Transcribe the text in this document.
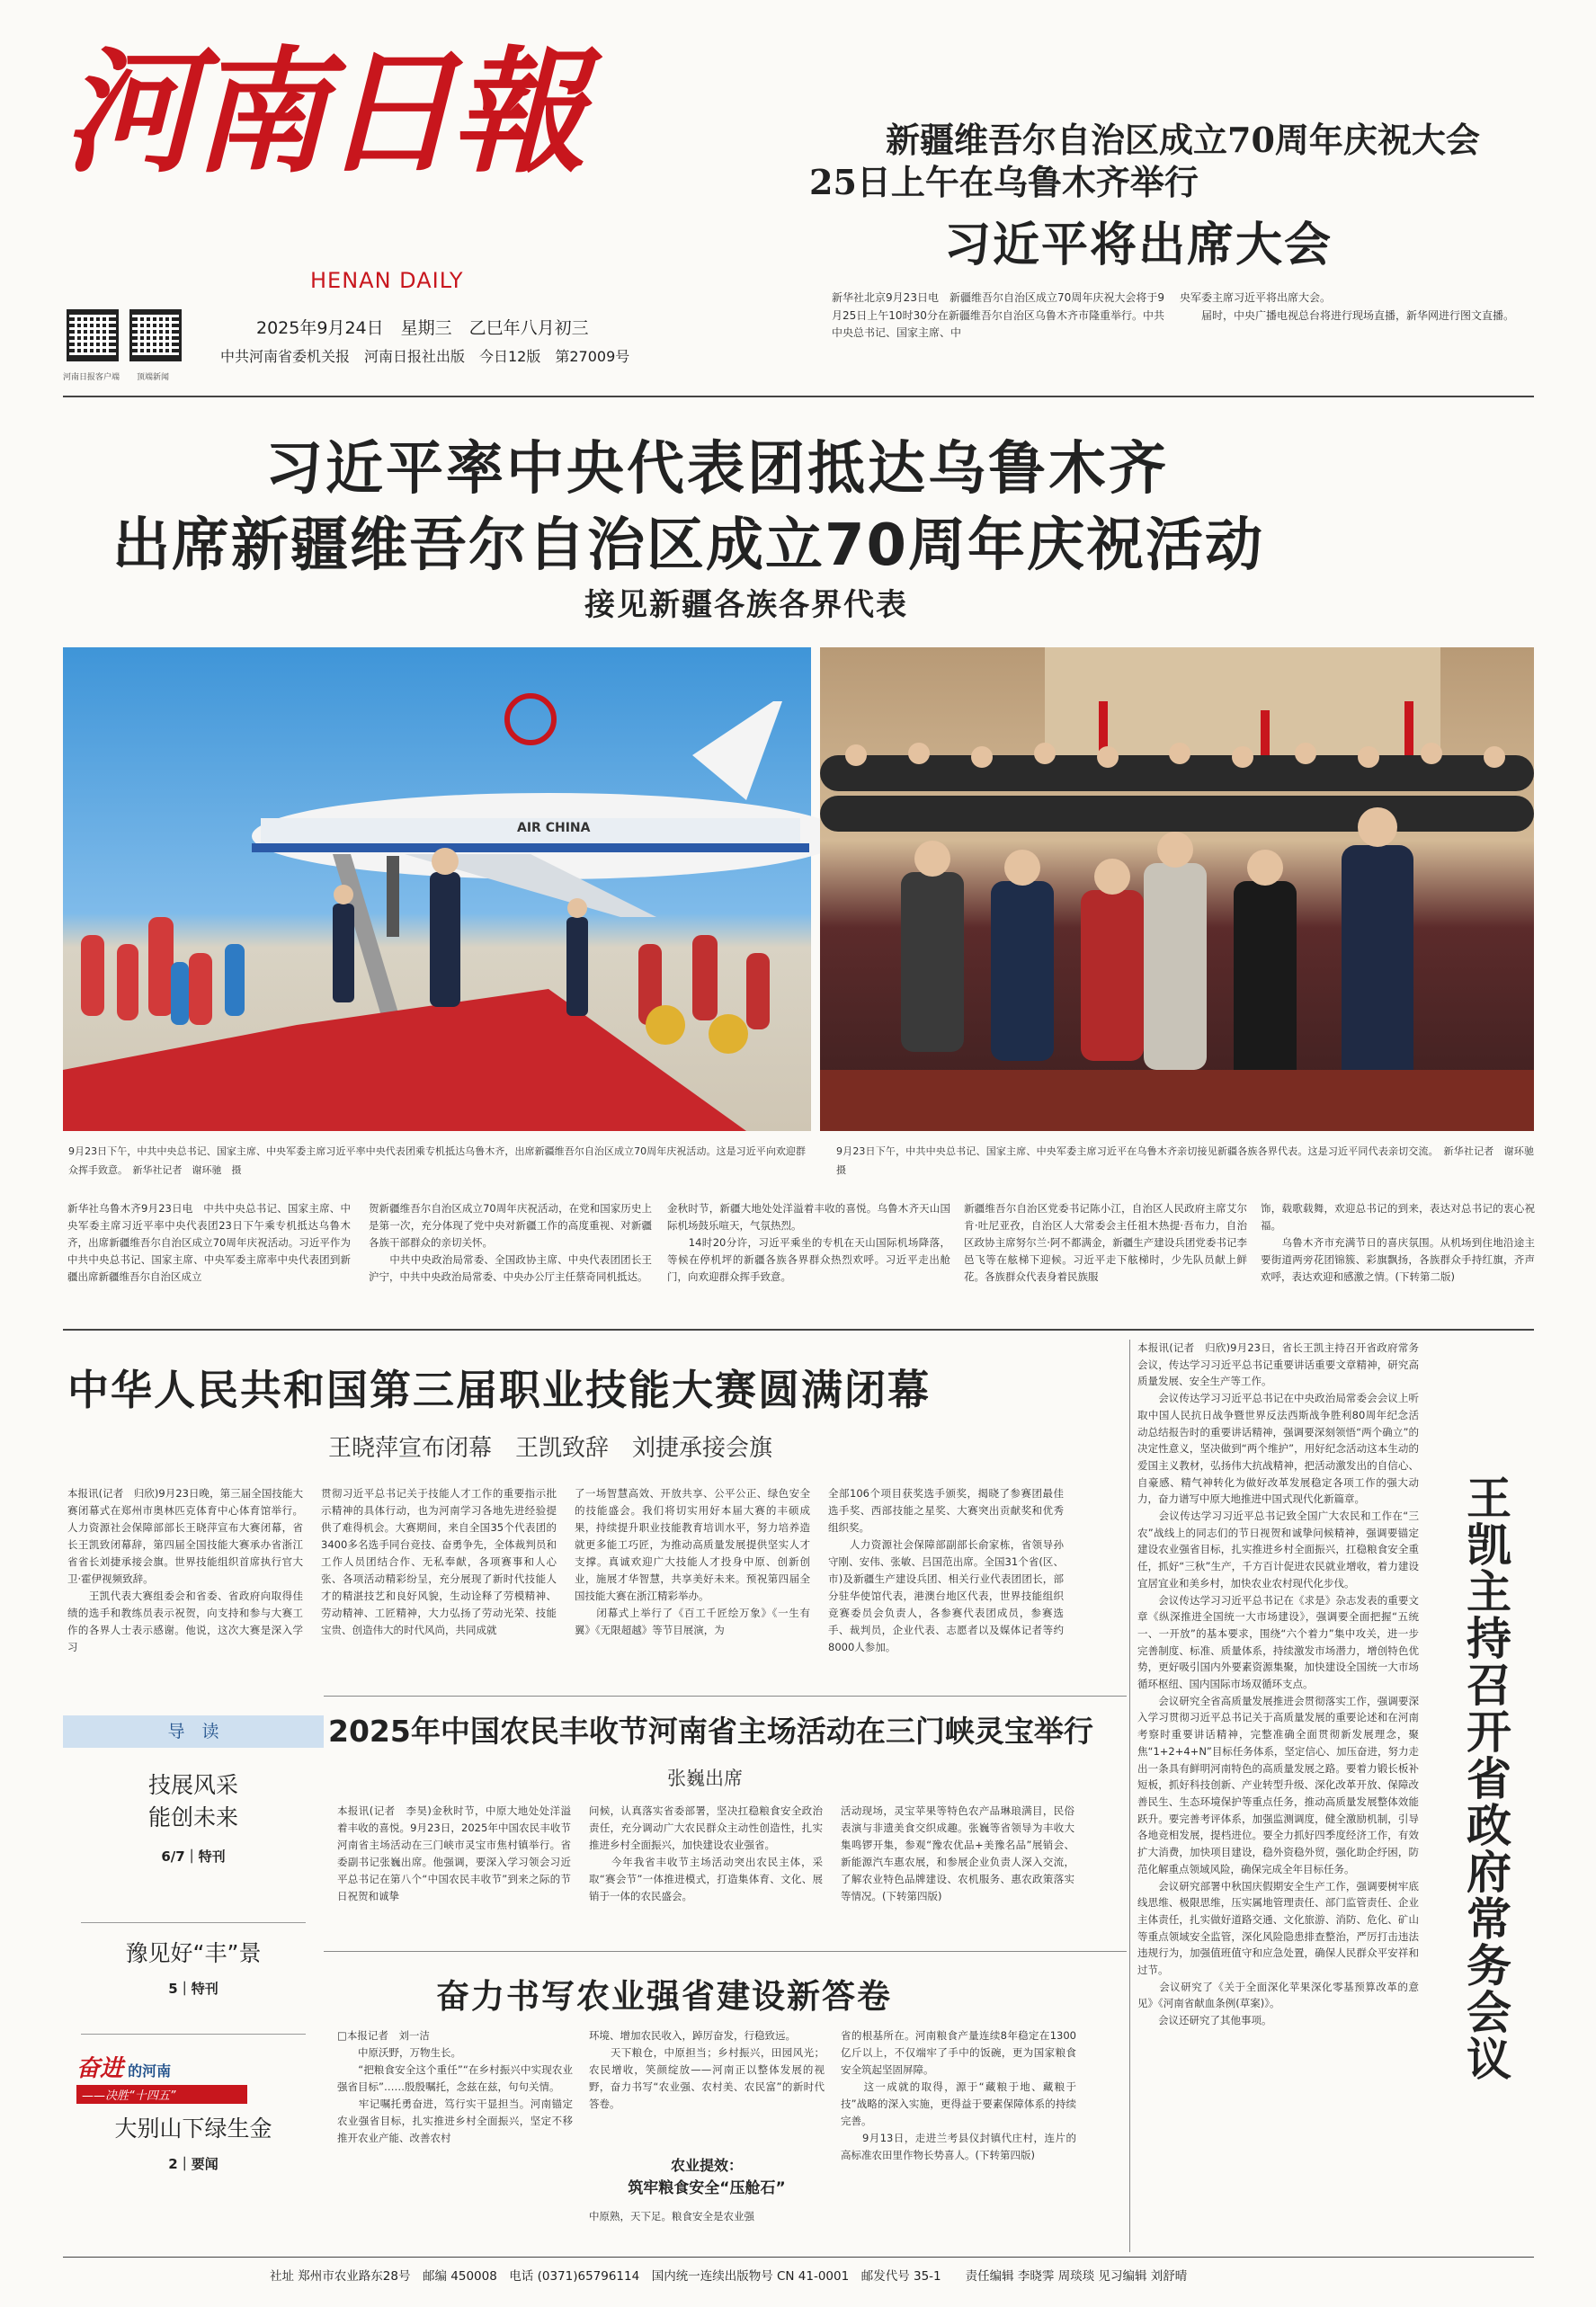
河南日報
HENAN DAILY
河南日报客户端 顶端新闻
2025年9月24日　星期三　乙巳年八月初三
中共河南省委机关报　河南日报社出版　今日12版　第27009号
新疆维吾尔自治区成立70周年庆祝大会
25日上午在乌鲁木齐举行
习近平将出席大会
新华社北京9月23日电　新疆维吾尔自治区成立70周年庆祝大会将于9月25日上午10时30分在新疆维吾尔自治区乌鲁木齐市隆重举行。中共中央总书记、国家主席、中
央军委主席习近平将出席大会。
　　届时，中央广播电视总台将进行现场直播，新华网进行图文直播。
习近平率中央代表团抵达乌鲁木齐
出席新疆维吾尔自治区成立70周年庆祝活动
接见新疆各族各界代表
AIR CHINA
9月23日下午，中共中央总书记、国家主席、中央军委主席习近平率中央代表团乘专机抵达乌鲁木齐，出席新疆维吾尔自治区成立70周年庆祝活动。这是习近平向欢迎群众挥手致意。　新华社记者　谢环驰　摄
9月23日下午，中共中央总书记、国家主席、中央军委主席习近平在乌鲁木齐亲切接见新疆各族各界代表。这是习近平同代表亲切交流。　新华社记者　谢环驰　摄
新华社乌鲁木齐9月23日电　中共中央总书记、国家主席、中央军委主席习近平率中央代表团23日下午乘专机抵达乌鲁木齐，出席新疆维吾尔自治区成立70周年庆祝活动。习近平作为中共中央总书记、国家主席、中央军委主席率中央代表团到新疆出席新疆维吾尔自治区成立
贺新疆维吾尔自治区成立70周年庆祝活动，在党和国家历史上是第一次，充分体现了党中央对新疆工作的高度重视、对新疆各族干部群众的亲切关怀。
　　中共中央政治局常委、全国政协主席、中央代表团团长王沪宁，中共中央政治局常委、中央办公厅主任蔡奇同机抵达。
金秋时节，新疆大地处处洋溢着丰收的喜悦。乌鲁木齐天山国际机场鼓乐喧天，气氛热烈。
　　14时20分许，习近平乘坐的专机在天山国际机场降落，等候在停机坪的新疆各族各界群众热烈欢呼。习近平走出舱门，向欢迎群众挥手致意。
新疆维吾尔自治区党委书记陈小江，自治区人民政府主席艾尔肯·吐尼亚孜，自治区人大常委会主任祖木热提·吾布力，自治区政协主席努尔兰·阿不都满金，新疆生产建设兵团党委书记李邑飞等在舷梯下迎候。习近平走下舷梯时，少先队员献上鲜花。各族群众代表身着民族服
饰，载歌载舞，欢迎总书记的到来，表达对总书记的衷心祝福。
　　乌鲁木齐市充满节日的喜庆氛围。从机场到住地沿途主要街道两旁花团锦簇、彩旗飘扬，各族群众手持红旗，齐声欢呼，表达欢迎和感激之情。(下转第二版)
中华人民共和国第三届职业技能大赛圆满闭幕
王晓萍宣布闭幕　王凯致辞　刘捷承接会旗
本报讯(记者　归欣)9月23日晚，第三届全国技能大赛闭幕式在郑州市奥林匹克体育中心体育馆举行。人力资源社会保障部部长王晓萍宣布大赛闭幕，省长王凯致闭幕辞，第四届全国技能大赛承办省浙江省省长刘捷承接会旗。世界技能组织首席执行官大卫·霍伊视频致辞。
　　王凯代表大赛组委会和省委、省政府向取得佳绩的选手和教练员表示祝贺，向支持和参与大赛工作的各界人士表示感谢。他说，这次大赛是深入学习
贯彻习近平总书记关于技能人才工作的重要指示批示精神的具体行动，也为河南学习各地先进经验提供了难得机会。大赛期间，来自全国35个代表团的3400多名选手同台竞技、奋勇争先，全体裁判员和工作人员团结合作、无私奉献，各项赛事和人心张、各项活动精彩纷呈，充分展现了新时代技能人才的精湛技艺和良好风貌，生动诠释了劳模精神、劳动精神、工匠精神，大力弘扬了劳动光荣、技能宝贵、创造伟大的时代风尚，共同成就
了一场智慧高效、开放共享、公平公正、绿色安全的技能盛会。我们将切实用好本届大赛的丰硕成果，持续提升职业技能教育培训水平，努力培养造就更多能工巧匠，为推动高质量发展提供坚实人才支撑。真诚欢迎广大技能人才投身中原、创新创业，施展才华智慧，共享美好未来。预祝第四届全国技能大赛在浙江精彩举办。
　　闭幕式上举行了《百工千匠绘万象》《一生有翼》《无限超越》等节目展演，为
全部106个项目获奖选手颁奖，揭晓了参赛团最佳选手奖、西部技能之星奖、大赛突出贡献奖和优秀组织奖。
　　人力资源社会保障部副部长俞家栋，省领导孙守刚、安伟、张敏、吕国范出席。全国31个省(区、市)及新疆生产建设兵团、相关行业代表团团长，部分驻华使馆代表，港澳台地区代表，世界技能组织竞赛委员会负责人，各参赛代表团成员，参赛选手、裁判员，企业代表、志愿者以及媒体记者等约8000人参加。
导　读
技展风采
能创未来
6/7｜特刊
豫见好“丰”景
5｜特刊
奋进 的河南
——决胜“十四五”
大别山下绿生金
2｜要闻
2025年中国农民丰收节河南省主场活动在三门峡灵宝举行
张巍出席
本报讯(记者　李昊)金秋时节，中原大地处处洋溢着丰收的喜悦。9月23日，2025年中国农民丰收节河南省主场活动在三门峡市灵宝市焦村镇举行。省委副书记张巍出席。他强调，要深入学习领会习近平总书记在第八个“中国农民丰收节”到来之际的节日祝贺和诚挚
问候，认真落实省委部署，坚决扛稳粮食安全政治责任，充分调动广大农民群众主动性创造性，扎实推进乡村全面振兴，加快建设农业强省。
　　今年我省丰收节主场活动突出农民主体，采取“赛会节”一体推进模式，打造集体育、文化、展销于一体的农民盛会。
活动现场，灵宝苹果等特色农产品琳琅满目，民俗表演与非遗美食交织成趣。张巍等省领导为丰收大集鸣锣开集，参观“豫农优品+美豫名品”展销会、新能源汽车惠农展，和参展企业负责人深入交流，了解农业特色品牌建设、农机服务、惠农政策落实等情况。(下转第四版)
奋力书写农业强省建设新答卷
□本报记者　刘一洁
　　中原沃野，万物生长。
　　“把粮食安全这个重任”“在乡村振兴中实现农业强省目标”……殷殷嘱托，念兹在兹，句句关情。
　　牢记嘱托勇奋进，笃行实干显担当。河南锚定农业强省目标，扎实推进乡村全面振兴，坚定不移推开农业产能、改善农村
环境、增加农民收入，踔厉奋发，行稳致远。
　　天下粮仓，中原担当；乡村振兴，田园风光；农民增收，笑颜绽放——河南正以整体发展的视野，奋力书写“农业强、农村美、农民富”的新时代答卷。
农业提效：
筑牢粮食安全“压舱石”
中原熟，天下足。粮食安全是农业强
省的根基所在。河南粮食产量连续8年稳定在1300亿斤以上，不仅端牢了手中的饭碗，更为国家粮食安全筑起坚固屏障。
　　这一成就的取得，源于“藏粮于地、藏粮于技”战略的深入实施，更得益于要素保障体系的持续完善。
　　9月13日，走进兰考县仪封镇代庄村，连片的高标准农田里作物长势喜人。(下转第四版)
本报讯(记者　归欣)9月23日，省长王凯主持召开省政府常务会议，传达学习习近平总书记重要讲话重要文章精神，研究高质量发展、安全生产等工作。
　　会议传达学习习近平总书记在中央政治局常委会会议上听取中国人民抗日战争暨世界反法西斯战争胜利80周年纪念活动总结报告时的重要讲话精神，强调要深刻领悟“两个确立”的决定性意义，坚决做到“两个维护”，用好纪念活动这本生动的爱国主义教材，弘扬伟大抗战精神，把活动激发出的自信心、自豪感、精气神转化为做好改革发展稳定各项工作的强大动力，奋力谱写中原大地推进中国式现代化新篇章。
　　会议传达学习习近平总书记致全国广大农民和工作在“三农”战线上的同志们的节日视贺和诚挚问候精神，强调要锚定建设农业强省目标，扎实推进乡村全面振兴，扛稳粮食安全重任，抓好“三秋”生产，千方百计促进农民就业增收，着力建设宜居宜业和美乡村，加快农业农村现代化步伐。
　　会议传达学习习近平总书记在《求是》杂志发表的重要文章《纵深推进全国统一大市场建设》，强调要全面把握“五统一、一开放”的基本要求，围绕“六个着力”集中攻关，进一步完善制度、标准、质量体系，持续激发市场潜力，增创特色优势，更好吸引国内外要素资源集聚，加快建设全国统一大市场循环枢纽、国内国际市场双循环支点。
　　会议研究全省高质量发展推进会贯彻落实工作，强调要深入学习贯彻习近平总书记关于高质量发展的重要论述和在河南考察时重要讲话精神，完整准确全面贯彻新发展理念，聚焦“1+2+4+N”目标任务体系，坚定信心、加压奋进，努力走出一条具有鲜明河南特色的高质量发展之路。要着力锻长板补短板，抓好科技创新、产业转型升级、深化改革开放、保障改善民生、生态环境保护等重点任务，推动高质量发展整体效能跃升。要完善考评体系，加强监测调度，健全激励机制，引导各地竞相发展，提档进位。要全力抓好四季度经济工作，有效扩大消费，加快项目建设，稳外资稳外贸，强化助企纾困，防范化解重点领域风险，确保完成全年目标任务。
　　会议研究部署中秋国庆假期安全生产工作，强调要树牢底线思维、极限思维，压实属地管理责任、部门监管责任、企业主体责任，扎实做好道路交通、文化旅游、消防、危化、矿山等重点领域安全监管，深化风险隐患排查整治，严厉打击违法违规行为，加强值班值守和应急处置，确保人民群众平安祥和过节。
　　会议研究了《关于全面深化苹果深化零基预算改革的意见》《河南省献血条例(草案)》。
　　会议还研究了其他事项。	王凯主持召开省政府常务会议
社址 郑州市农业路东28号　邮编 450008　电话 (0371)65796114　国内统一连续出版物号 CN 41-0001　邮发代号 35-1　　责任编辑 李晓霁 周琰琰 见习编辑 刘舒晴
